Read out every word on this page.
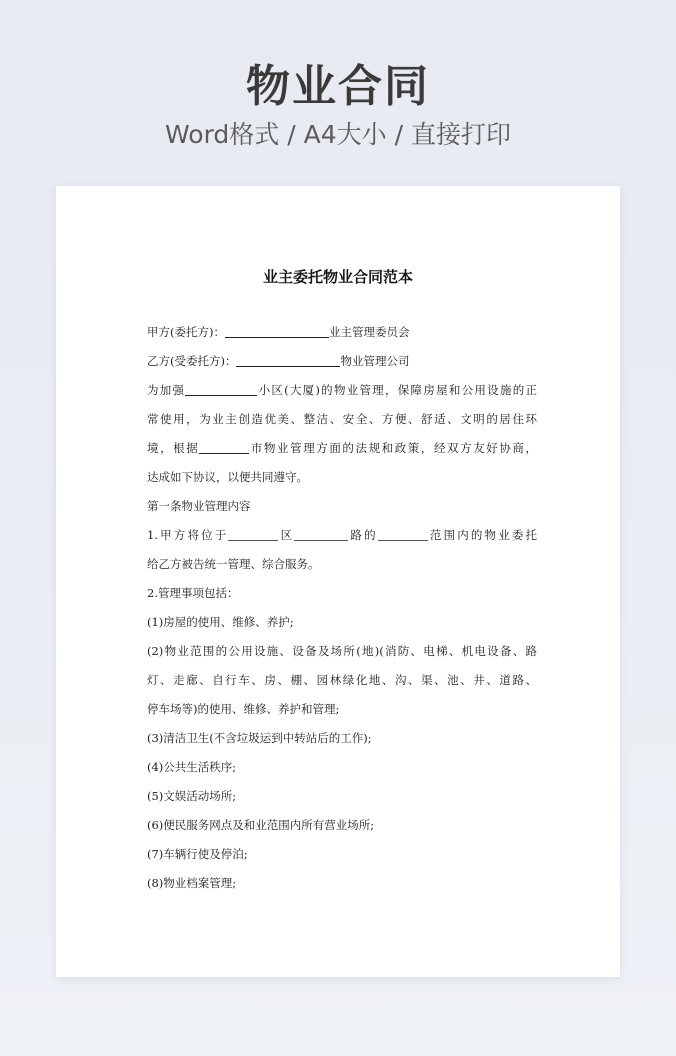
物业合同
Word格式 / A4大小 / 直接打印
业主委托物业合同范本
甲方(委托方)：	业主管理委员会
乙方(受委托方)：	物业管理公司
为加强	小区(大厦)的物业管理，保障房屋和公用设施的正
常使用，为业主创造优美、整洁、安全、方便、舒适、文明的居住环
境，根据	市物业管理方面的法规和政策，经双方友好协商，
达成如下协议，以便共同遵守。
第一条物业管理内容
1.甲方将位于	区	路的	范围内的物业委托
给乙方被告统一管理、综合服务。
2.管理事项包括：
(1)房屋的使用、维修、养护;
(2)物业范围的公用设施、设备及场所(地)(消防、电梯、机电设备、路
灯、走廊、自行车、房、棚、园林绿化地、沟、渠、池、井、道路、
停车场等)的使用、维修、养护和管理;
(3)清洁卫生(不含垃圾运到中转站后的工作);
(4)公共生活秩序;
(5)文娱活动场所;
(6)便民服务网点及和业范围内所有营业场所;
(7)车辆行使及停泊;
(8)物业档案管理;
